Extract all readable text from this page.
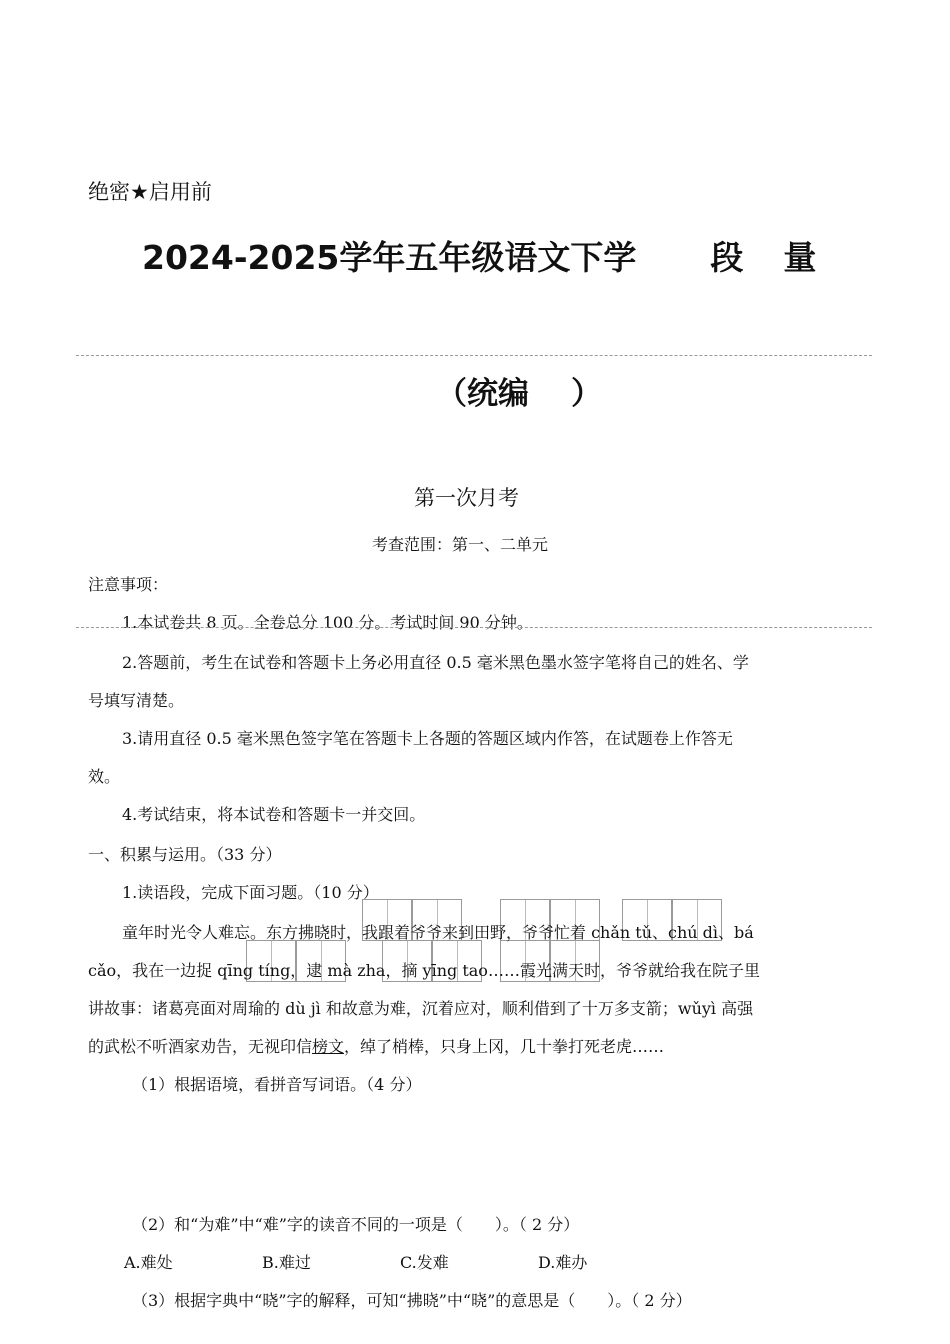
绝密★启用前
2024-2025学年五年级语文下学 段 量
（统编 ）
第一次月考
考查范围：第一、二单元
注意事项：
1.本试卷共 8 页。全卷总分 100 分。考试时间 90 分钟。
2.答题前，考生在试卷和答题卡上务必用直径 0.5 毫米黑色墨水签字笔将自己的姓名、学
号填写清楚。
3.请用直径 0.5 毫米黑色签字笔在答题卡上各题的答题区域内作答，在试题卷上作答无
效。
4.考试结束，将本试卷和答题卡一并交回。
一、积累与运用。（33 分）
1.读语段，完成下面习题。（10 分）
童年时光令人难忘。东方拂晓时，我跟着爷爷来到田野，爷爷忙着 chǎn tǔ、chú dì、bá
cǎo，我在一边捉 qīng tíng，逮 mà zha，摘 yīng tao……霞光满天时，爷爷就给我在院子里
讲故事：诸葛亮面对周瑜的 dù jì 和故意为难，沉着应对，顺利借到了十万多支箭；wǔyì 高强
的武松不听酒家劝告，无视印信榜文，绰了梢棒，只身上冈，几十拳打死老虎……
（1）根据语境，看拼音写词语。（4 分）
（2）和“为难”中“难”字的读音不同的一项是（　　）。（ 2 分）
A.难处	B.难过	C.发难	D.难办
（3）根据字典中“晓”字的解释，可知“拂晓”中“晓”的意思是（　　）。（ 2 分）
